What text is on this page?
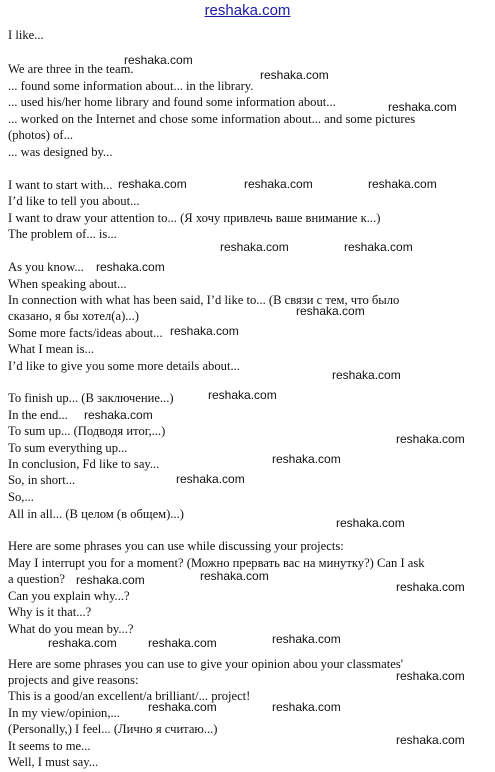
reshaka.com
I like...
We are three in the team.
... found some information about... in the library.
... used his/her home library and found some information about...
... worked on the Internet and chose some information about... and some pictures
(photos) of...
... was designed by...
I want to start with...
I’d like to tell you about...
I want to draw your attention to... (Я хочу привлечь ваше внимание к...)
The problem of... is...
As you know...
When speaking about...
In connection with what has been said, I’d like to... (В связи с тем, что было
сказано, я бы хотел(а)...)
Some more facts/ideas about...
What I mean is...
I’d like to give you some more details about...
To finish up... (В заключение...)
In the end...
To sum up... (Подводя итог,...)
To sum everything up...
In conclusion, Fd like to say...
So, in short...
So,...
All in all... (В целом (в общем)...)
Here are some phrases you can use while discussing your projects:
May I interrupt you for a moment? (Можно прервать вас на минутку?) Can I ask
a question?
Can you explain why...?
Why is it that...?
What do you mean by...?
Here are some phrases you can use to give your opinion abou your classmates'
projects and give reasons:
This is a good/an excellent/a brilliant/... project!
In my view/opinion,...
(Personally,) I feel... (Лично я считаю...)
It seems to me...
Well, I must say...
reshaka.com
reshaka.com
reshaka.com
reshaka.com	reshaka.com	reshaka.com
reshaka.com	reshaka.com
reshaka.com
reshaka.com
reshaka.com
reshaka.com
reshaka.com
reshaka.com
reshaka.com
reshaka.com
reshaka.com
reshaka.com
reshaka.com
reshaka.com	reshaka.com
reshaka.com	reshaka.com	reshaka.com
reshaka.com
reshaka.com	reshaka.com
reshaka.com
